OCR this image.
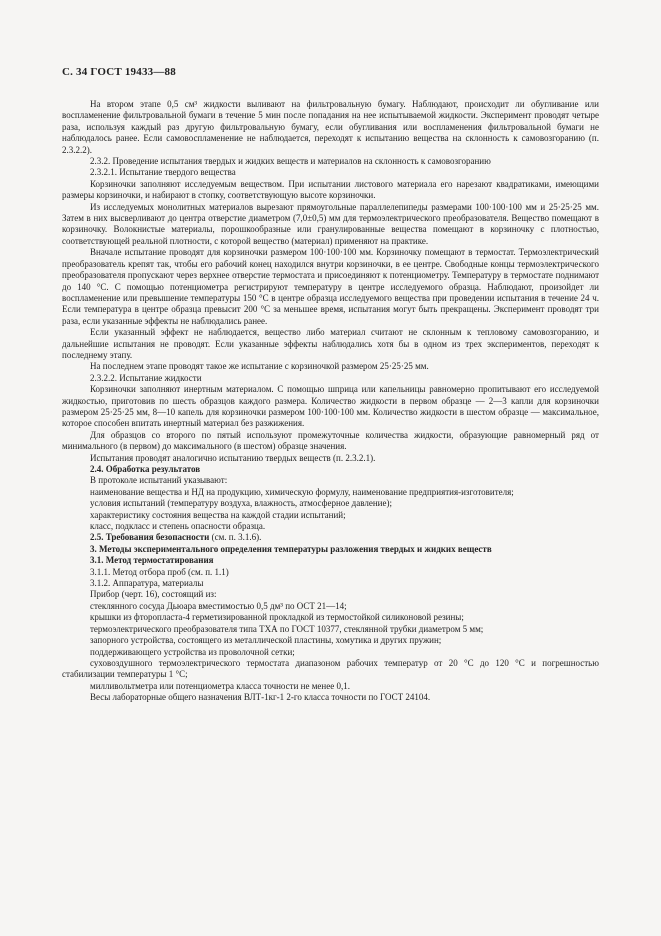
С. 34 ГОСТ 19433—88

На втором этапе 0,5 см³ жидкости выливают на фильтровальную бумагу. Наблюдают, происходит ли обугливание или воспламенение фильтровальной бумаги в течение 5 мин после попадания на нее испытываемой жидкости. Эксперимент проводят четыре раза, используя каждый раз другую фильтровальную бумагу, если обугливания или воспламенения фильтровальной бумаги не наблюдалось ранее. Если самовоспламенение не наблюдается, переходят к испытанию вещества на склонность к самовозгоранию (п. 2.3.2.2).

2.3.2. Проведение испытания твердых и жидких веществ и материалов на склонность к самовозгоранию

2.3.2.1. Испытание твердого вещества

Корзиночки заполняют исследуемым веществом. При испытании листового материала его нарезают квадратиками, имеющими размеры корзиночки, и набирают в стопку, соответствующую высоте корзиночки.

Из исследуемых монолитных материалов вырезают прямоугольные параллелепипеды размерами 100·100·100 мм и 25·25·25 мм. Затем в них высверливают до центра отверстие диаметром (7,0±0,5) мм для термоэлектрического преобразователя. Вещество помещают в корзиночку. Волокнистые материалы, порошкообразные или гранулированные вещества помещают в корзиночку с плотностью, соответствующей реальной плотности, с которой вещество (материал) применяют на практике.

Вначале испытание проводят для корзиночки размером 100·100·100 мм. Корзиночку помещают в термостат. Термоэлектрический преобразователь крепят так, чтобы его рабочий конец находился внутри корзиночки, в ее центре. Свободные концы термоэлектрического преобразователя пропускают через верхнее отверстие термостата и присоединяют к потенциометру. Температуру в термостате поднимают до 140 °С. С помощью потенциометра регистрируют температуру в центре исследуемого образца. Наблюдают, произойдет ли воспламенение или превышение температуры 150 °С в центре образца исследуемого вещества при проведении испытания в течение 24 ч. Если температура в центре образца превысит 200 °С за меньшее время, испытания могут быть прекращены. Эксперимент проводят три раза, если указанные эффекты не наблюдались ранее.

Если указанный эффект не наблюдается, вещество либо материал считают не склонным к тепловому самовозгоранию, и дальнейшие испытания не проводят. Если указанные эффекты наблюдались хотя бы в одном из трех экспериментов, переходят к последнему этапу.

На последнем этапе проводят такое же испытание с корзиночкой размером 25·25·25 мм.

2.3.2.2. Испытание жидкости

Корзиночки заполняют инертным материалом. С помощью шприца или капельницы равномерно пропитывают его исследуемой жидкостью, приготовив по шесть образцов каждого размера. Количество жидкости в первом образце — 2—3 капли для корзиночки размером 25·25·25 мм, 8—10 капель для корзиночки размером 100·100·100 мм. Количество жидкости в шестом образце — максимальное, которое способен впитать инертный материал без разжижения.

Для образцов со второго по пятый используют промежуточные количества жидкости, образующие равномерный ряд от минимального (в первом) до максимального (в шестом) образце значения.

Испытания проводят аналогично испытанию твердых веществ (п. 2.3.2.1).

2.4. Обработка результатов

В протоколе испытаний указывают:

наименование вещества и НД на продукцию, химическую формулу, наименование предприятия-изготовителя;

условия испытаний (температуру воздуха, влажность, атмосферное давление);

характеристику состояния вещества на каждой стадии испытаний;

класс, подкласс и степень опасности образца.

2.5. Требования безопасности (см. п. 3.1.6).

3. Методы экспериментального определения температуры разложения твердых и жидких веществ

3.1. Метод термостатирования

3.1.1. Метод отбора проб (см. п. 1.1)

3.1.2. Аппаратура, материалы

Прибор (черт. 16), состоящий из:

стеклянного сосуда Дьюара вместимостью 0,5 дм³ по ОСТ 21—14;

крышки из фторопласта-4 герметизированной прокладкой из термостойкой силиконовой резины;

термоэлектрического преобразователя типа ТХА по ГОСТ 10377, стеклянной трубки диаметром 5 мм;

запорного устройства, состоящего из металлической пластины, хомутика и других пружин;

поддерживающего устройства из проволочной сетки;

суховоздушного термоэлектрического термостата диапазоном рабочих температур от 20 °С до 120 °С и погрешностью стабилизации температуры 1 °С;

милливольтметра или потенциометра класса точности не менее 0,1.

Весы лабораторные общего назначения ВЛТ-1кг-1 2-го класса точности по ГОСТ 24104.
